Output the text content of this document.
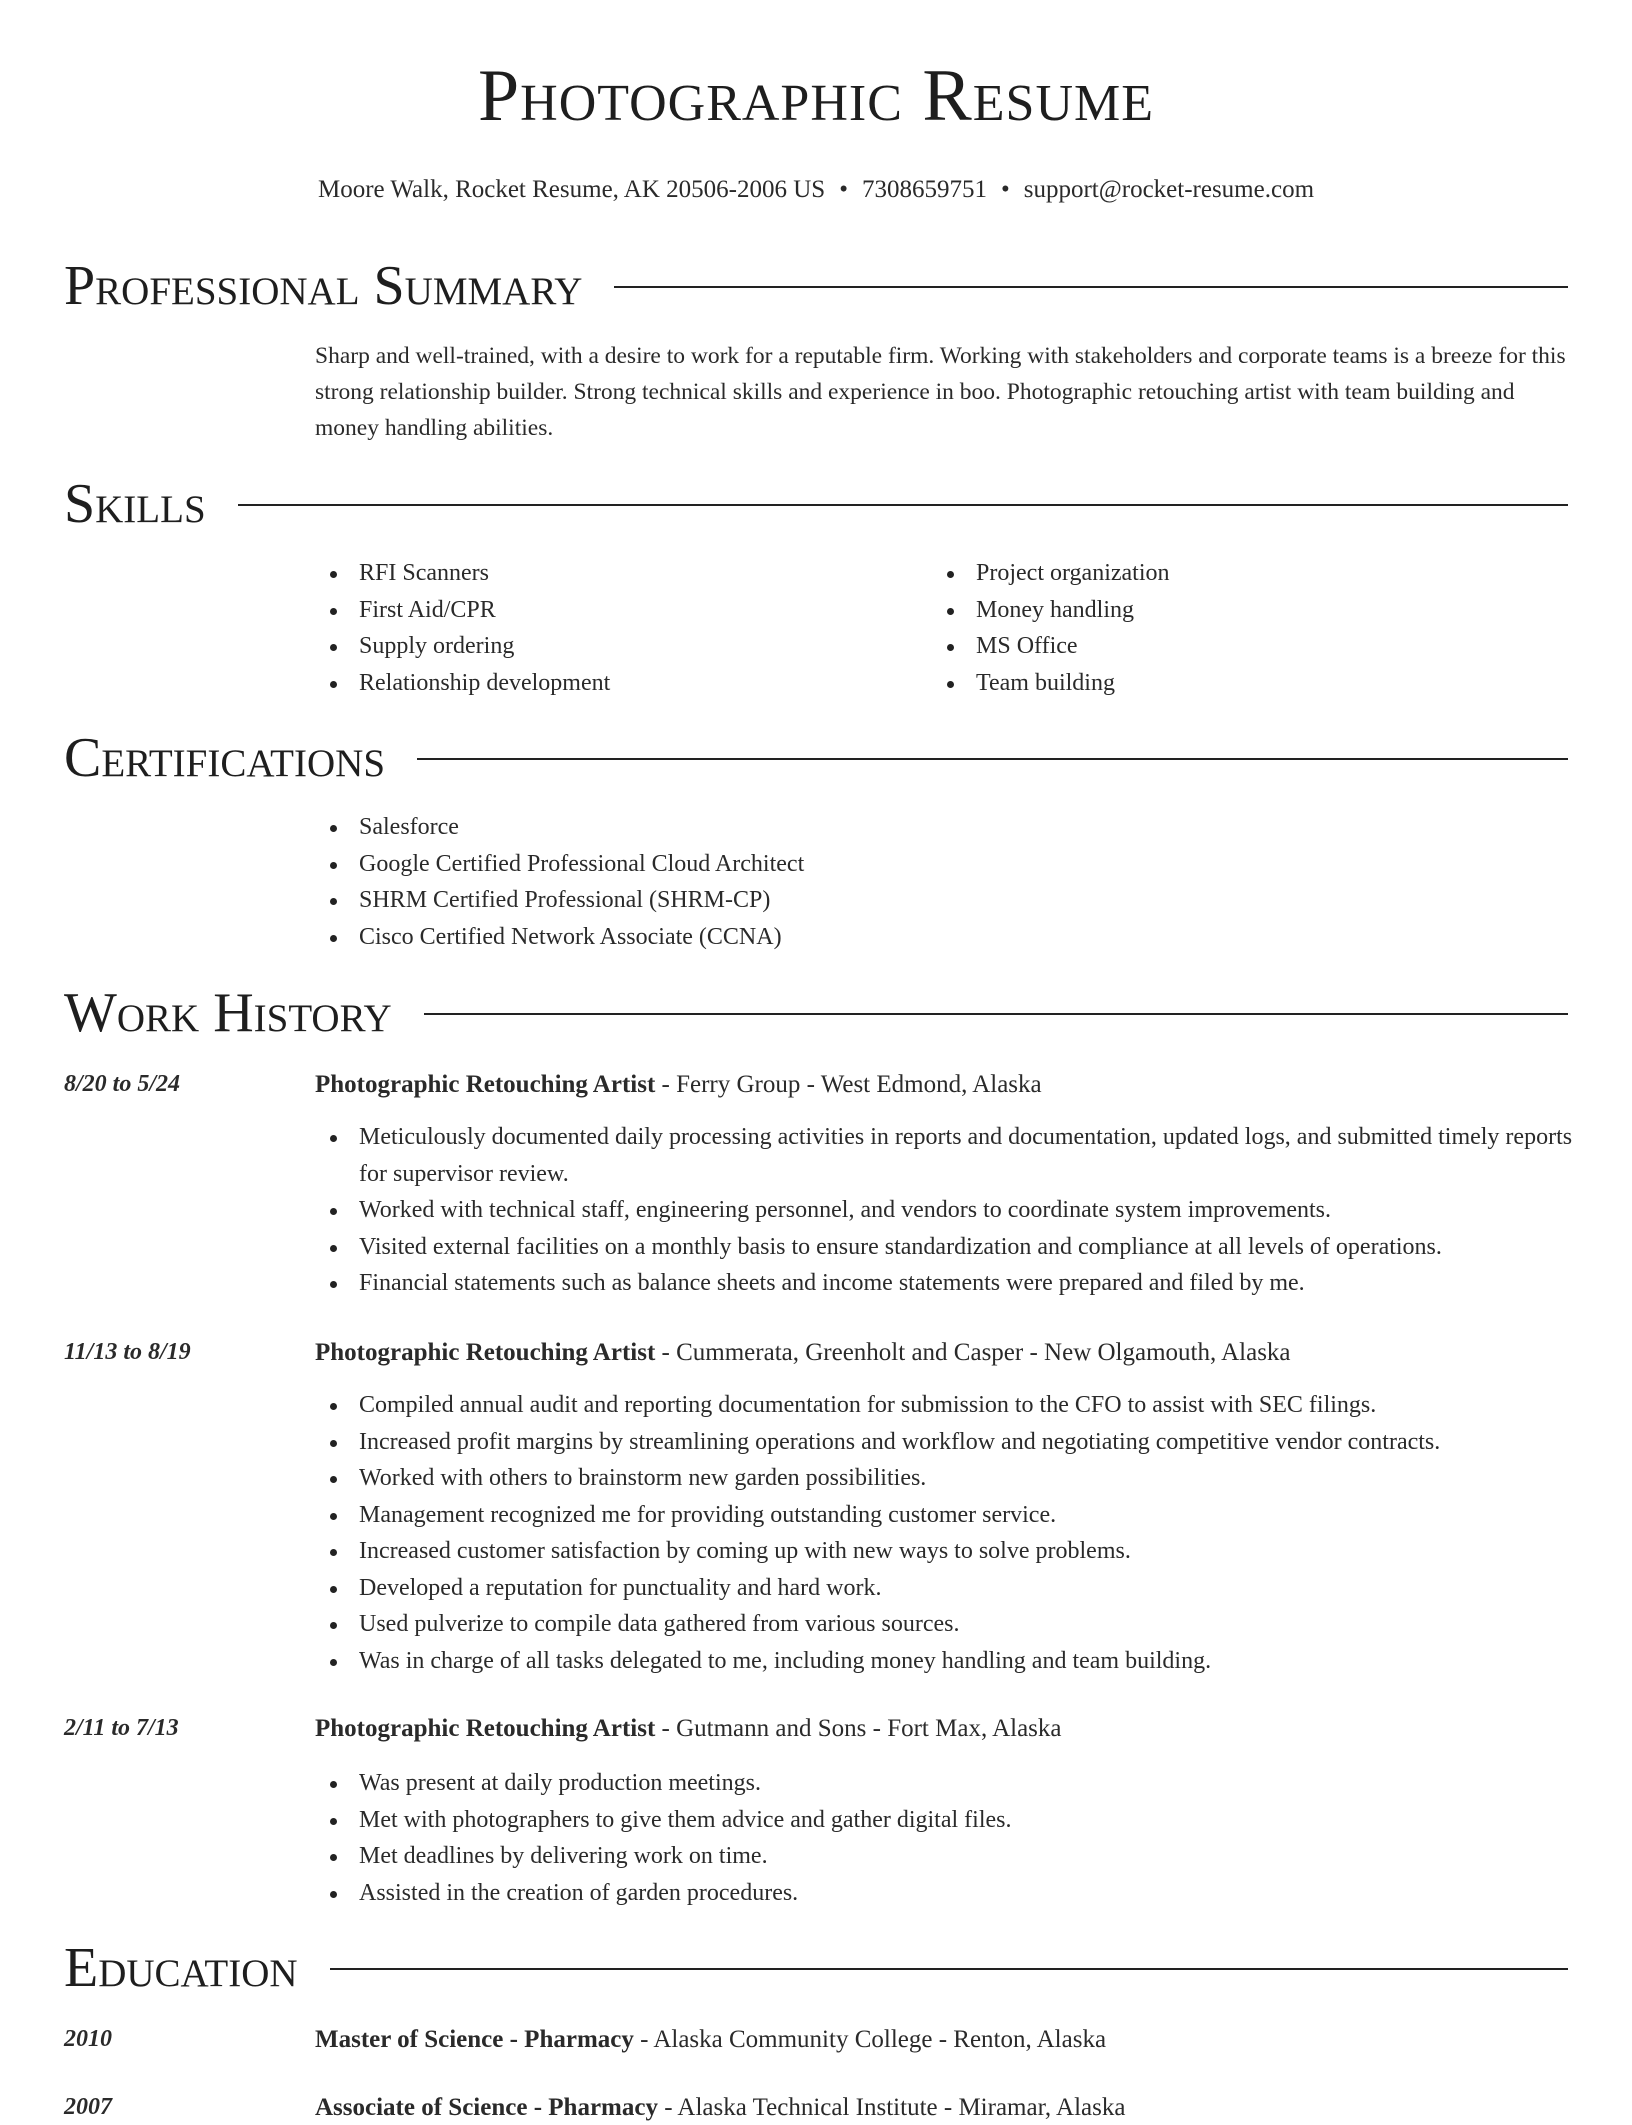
Photographic Resume
Moore Walk, Rocket Resume, AK 20506-2006 US • 7308659751 • support@rocket-resume.com
Professional Summary

Sharp and well-trained, with a desire to work for a reputable firm. Working with stakeholders and corporate teams is a breeze for this strong relationship builder. Strong technical skills and experience in boo. Photographic retouching artist with team building and money handling abilities.

Skills
RFI Scanners
First Aid/CPR
Supply ordering
Relationship development
Project organization
Money handling
MS Office
Team building
Certifications
Salesforce
Google Certified Professional Cloud Architect
SHRM Certified Professional (SHRM-CP)
Cisco Certified Network Associate (CCNA)
Work History
8/20 to 5/24	Photographic Retouching Artist - Ferry Group - West Edmond, Alaska
Meticulously documented daily processing activities in reports and documentation, updated logs, and submitted timely reports for supervisor review.
Worked with technical staff, engineering personnel, and vendors to coordinate system improvements.
Visited external facilities on a monthly basis to ensure standardization and compliance at all levels of operations.
Financial statements such as balance sheets and income statements were prepared and filed by me.
11/13 to 8/19	Photographic Retouching Artist - Cummerata, Greenholt and Casper - New Olgamouth, Alaska
Compiled annual audit and reporting documentation for submission to the CFO to assist with SEC filings.
Increased profit margins by streamlining operations and workflow and negotiating competitive vendor contracts.
Worked with others to brainstorm new garden possibilities.
Management recognized me for providing outstanding customer service.
Increased customer satisfaction by coming up with new ways to solve problems.
Developed a reputation for punctuality and hard work.
Used pulverize to compile data gathered from various sources.
Was in charge of all tasks delegated to me, including money handling and team building.
2/11 to 7/13	Photographic Retouching Artist - Gutmann and Sons - Fort Max, Alaska
Was present at daily production meetings.
Met with photographers to give them advice and gather digital files.
Met deadlines by delivering work on time.
Assisted in the creation of garden procedures.
Education
2010	Master of Science - Pharmacy - Alaska Community College - Renton, Alaska
2007	Associate of Science - Pharmacy - Alaska Technical Institute - Miramar, Alaska
